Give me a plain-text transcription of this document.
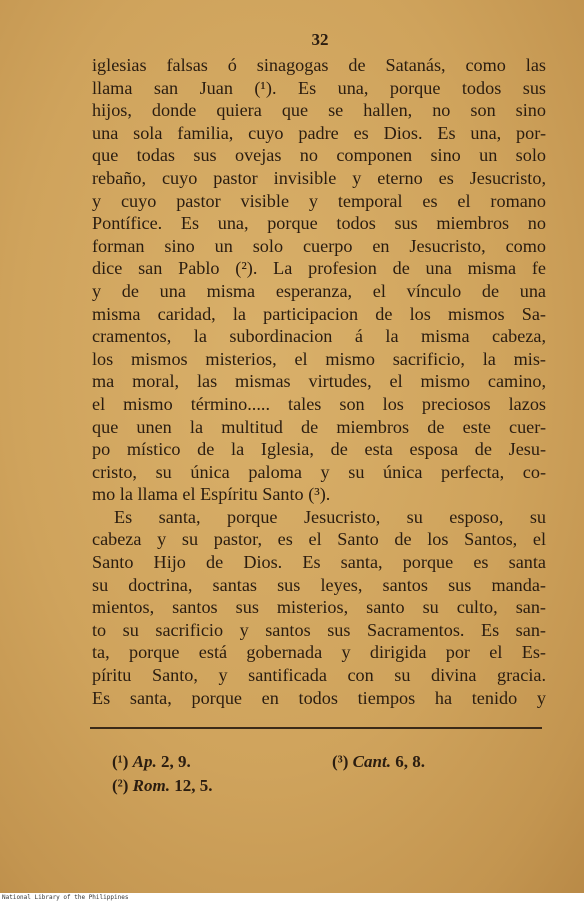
32
iglesias falsas ó sinagogas de Satanás, como las
llama san Juan (¹). Es una, porque todos sus
hijos, donde quiera que se hallen, no son sino
una sola familia, cuyo padre es Dios. Es una, por-
que todas sus ovejas no componen sino un solo
rebaño, cuyo pastor invisible y eterno es Jesucristo,
y cuyo pastor visible y temporal es el romano
Pontífice. Es una, porque todos sus miembros no
forman sino un solo cuerpo en Jesucristo, como
dice san Pablo (²). La profesion de una misma fe
y de una misma esperanza, el vínculo de una
misma caridad, la participacion de los mismos Sa-
cramentos, la subordinacion á la misma cabeza,
los mismos misterios, el mismo sacrificio, la mis-
ma moral, las mismas virtudes, el mismo camino,
el mismo término..... tales son los preciosos lazos
que unen la multitud de miembros de este cuer-
po místico de la Iglesia, de esta esposa de Jesu-
cristo, su única paloma y su única perfecta, co-
mo la llama el Espíritu Santo (³).
Es santa, porque Jesucristo, su esposo, su
cabeza y su pastor, es el Santo de los Santos, el
Santo Hijo de Dios. Es santa, porque es santa
su doctrina, santas sus leyes, santos sus manda-
mientos, santos sus misterios, santo su culto, san-
to su sacrificio y santos sus Sacramentos. Es san-
ta, porque está gobernada y dirigida por el Es-
píritu Santo, y santificada con su divina gracia.
Es santa, porque en todos tiempos ha tenido y
(¹) Ap. 2, 9.
(²) Rom. 12, 5.
(³) Cant. 6, 8.
National Library of the Philippines
